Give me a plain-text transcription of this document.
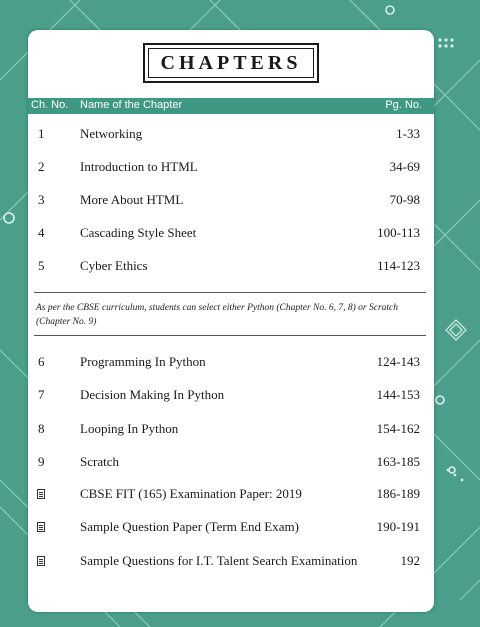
CHAPTERS
Ch. No. Name of the Chapter	Pg. No.
1	Networking	1-33
2	Introduction to HTML	34-69
3	More About HTML	70-98
4	Cascading Style Sheet	100-113
5	Cyber Ethics	114-123
As per the CBSE curriculum, students can select either Python (Chapter No. 6, 7, 8) or Scratch (Chapter No. 9)
6	Programming In Python	124-143
7	Decision Making In Python	144-153
8	Looping In Python	154-162
9	Scratch	163-185
CBSE FIT (165) Examination Paper: 2019	186-189
Sample Question Paper (Term End Exam)	190-191
Sample Questions for I.T. Talent Search Examination	192
